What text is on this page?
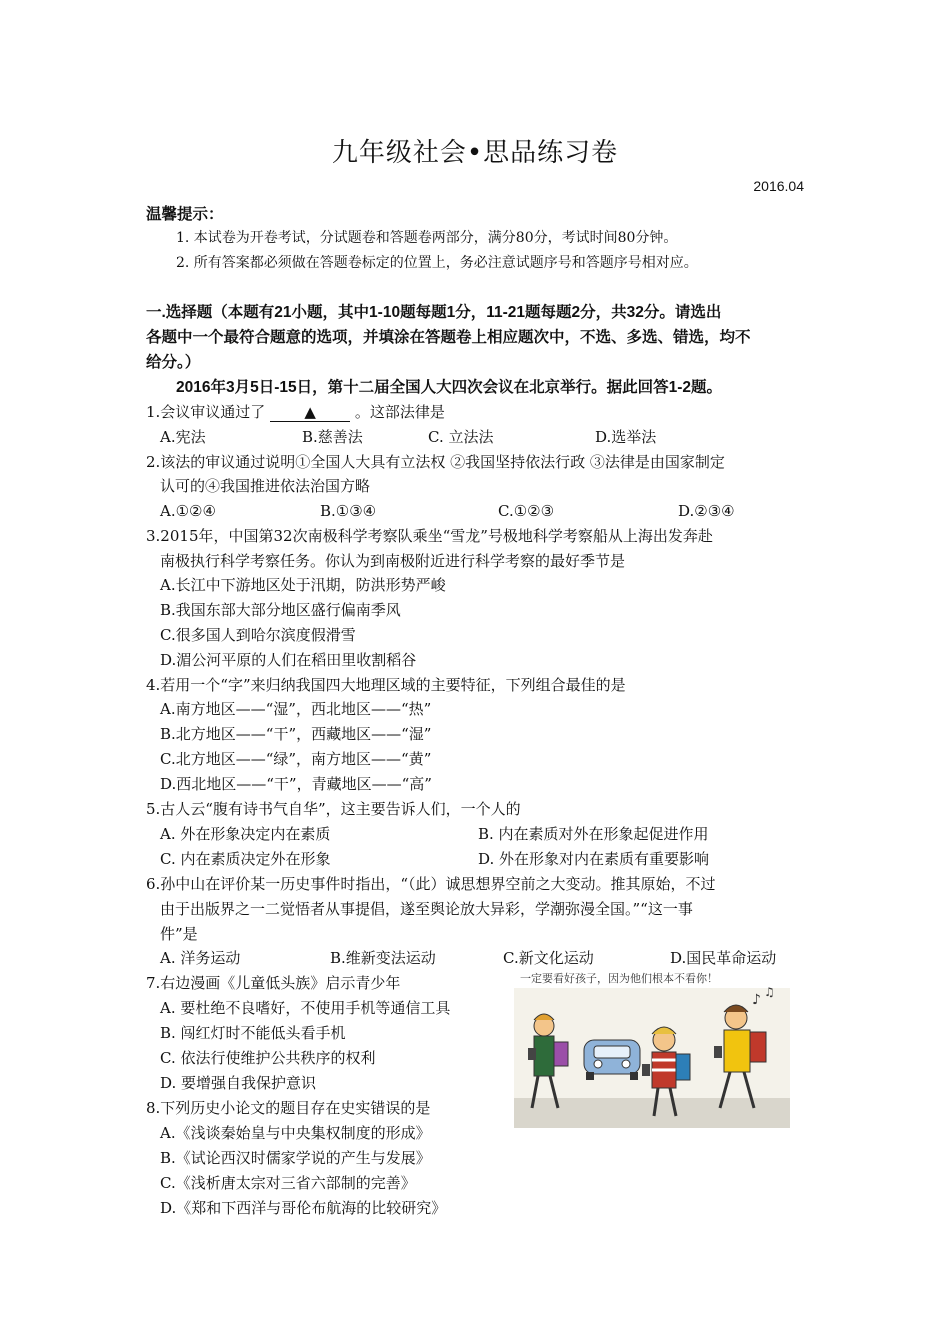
九年级社会•思品练习卷
2016.04
温馨提示：
1. 本试卷为开卷考试，分试题卷和答题卷两部分，满分80分，考试时间80分钟。
2. 所有答案都必须做在答题卷标定的位置上，务必注意试题序号和答题序号相对应。
一.选择题（本题有21小题，其中1-10题每题1分，11-21题每题2分，共32分。请选出
各题中一个最符合题意的选项，并填涂在答题卷上相应题次中，不选、多选、错选，均不
给分。）
2016年3月5日-15日，第十二届全国人大四次会议在北京举行。据此回答1-2题。
1.会议审议通过了	▲	。这部法律是
A.宪法	B.慈善法	C. 立法法	D.选举法
2.该法的审议通过说明①全国人大具有立法权 ②我国坚持依法行政 ③法律是由国家制定
认可的④我国推进依法治国方略
A.①②④	B.①③④	C.①②③	D.②③④
3.2015年，中国第32次南极科学考察队乘坐“雪龙”号极地科学考察船从上海出发奔赴
南极执行科学考察任务。你认为到南极附近进行科学考察的最好季节是
A.长江中下游地区处于汛期，防洪形势严峻
B.我国东部大部分地区盛行偏南季风
C.很多国人到哈尔滨度假滑雪
D.湄公河平原的人们在稻田里收割稻谷
4.若用一个“字”来归纳我国四大地理区域的主要特征，下列组合最佳的是
A.南方地区——“湿”，西北地区——“热”
B.北方地区——“干”，西藏地区——“湿”
C.北方地区——“绿”，南方地区——“黄”
D.西北地区——“干”，青藏地区——“高”
5.古人云“腹有诗书气自华”，这主要告诉人们，一个人的
A. 外在形象决定内在素质	B. 内在素质对外在形象起促进作用
C. 内在素质决定外在形象	D. 外在形象对内在素质有重要影响
6.孙中山在评价某一历史事件时指出，“（此）诚思想界空前之大变动。推其原始，不过
由于出版界之一二觉悟者从事提倡，遂至舆论放大异彩，学潮弥漫全国。”“这一事
件”是
A. 洋务运动	B.维新变法运动	C.新文化运动	D.国民革命运动
7.右边漫画《儿童低头族》启示青少年
A. 要杜绝不良嗜好，不使用手机等通信工具
B. 闯红灯时不能低头看手机
C. 依法行使维护公共秩序的权利
D. 要增强自我保护意识
一定要看好孩子，因为他们根本不看你！
♪ ♫
8.下列历史小论文的题目存在史实错误的是
A.《浅谈秦始皇与中央集权制度的形成》
B.《试论西汉时儒家学说的产生与发展》
C.《浅析唐太宗对三省六部制的完善》
D.《郑和下西洋与哥伦布航海的比较研究》
